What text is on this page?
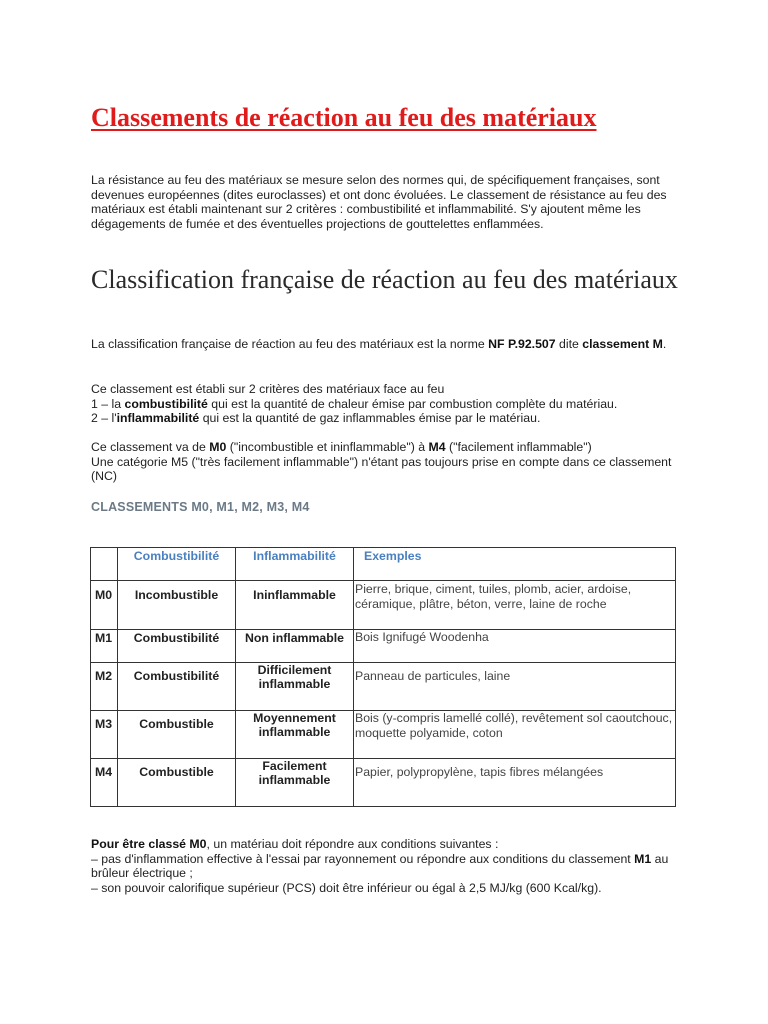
Classements de réaction au feu des matériaux
La résistance au feu des matériaux se mesure selon des normes qui, de spécifiquement françaises, sont devenues européennes (dites euroclasses) et ont donc évoluées. Le classement de résistance au feu des matériaux est établi maintenant sur 2 critères : combustibilité et inflammabilité. S'y ajoutent même les dégagements de fumée et des éventuelles projections de gouttelettes enflammées.
Classification française de réaction au feu des matériaux
La classification française de réaction au feu des matériaux est la norme NF P.92.507 dite classement M.
Ce classement est établi sur 2 critères des matériaux face au feu
1 – la combustibilité qui est la quantité de chaleur émise par combustion complète du matériau.
2 – l'inflammabilité qui est la quantité de gaz inflammables émise par le matériau.
Ce classement va de M0 ("incombustible et ininflammable") à M4 ("facilement inflammable")
Une catégorie M5 ("très facilement inflammable") n'étant pas toujours prise en compte dans ce classement (NC)
CLASSEMENTS M0, M1, M2, M3, M4

	Combustibilité	Inflammabilité	Exemples

M0	Incombustible	Ininflammable	Pierre, brique, ciment, tuiles, plomb, acier, ardoise, céramique, plâtre, béton, verre, laine de roche
M1	Combustibilité	Non inflammable	Bois Ignifugé Woodenha
M2	Combustibilité	Difficilement inflammable	Panneau de particules, laine
M3	Combustible	Moyennement inflammable	Bois (y-compris lamellé collé), revêtement sol caoutchouc, moquette polyamide, coton
M4	Combustible	Facilement inflammable	Papier, polypropylène, tapis fibres mélangées
Pour être classé M0, un matériau doit répondre aux conditions suivantes :
– pas d'inflammation effective à l'essai par rayonnement ou répondre aux conditions du classement M1 au brûleur électrique ;
– son pouvoir calorifique supérieur (PCS) doit être inférieur ou égal à 2,5 MJ/kg (600 Kcal/kg).
